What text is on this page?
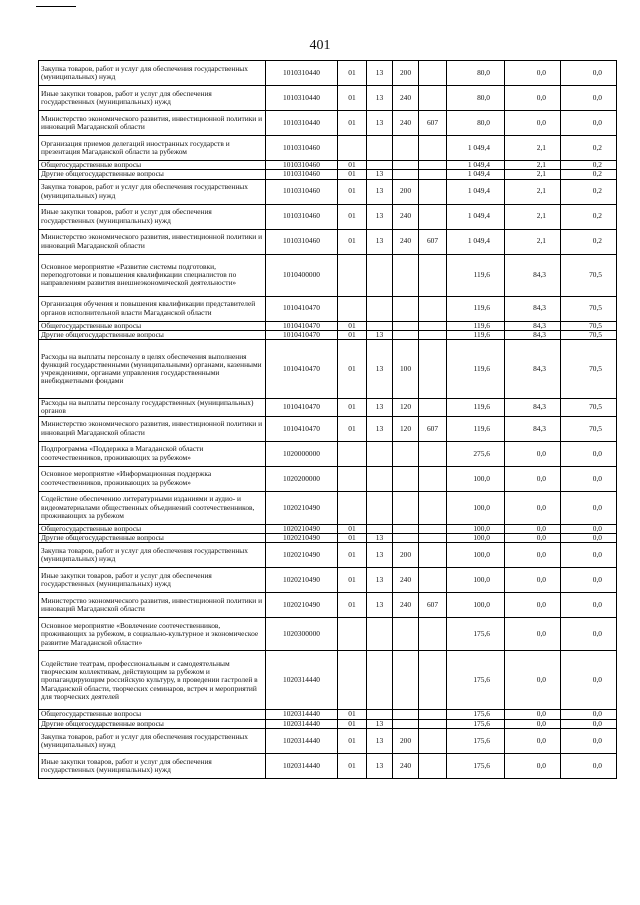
401
Закупка товаров, работ и услуг для обеспечения государственных (муниципальных) нужд	1010310440	01	13	200		80,0	0,0	0,0
Иные закупки товаров, работ и услуг для обеспечения государственных (муниципальных) нужд	1010310440	01	13	240		80,0	0,0	0,0
Министерство экономического развития, инвестиционной политики и инноваций Магаданской области	1010310440	01	13	240	607	80,0	0,0	0,0
Организация приемов делегаций иностранных государств и презентация Магаданской области за рубежом	1010310460					1 049,4	2,1	0,2
Общегосударственные вопросы	1010310460	01				1 049,4	2,1	0,2
Другие общегосударственные вопросы	1010310460	01	13			1 049,4	2,1	0,2
Закупка товаров, работ и услуг для обеспечения государственных (муниципальных) нужд	1010310460	01	13	200		1 049,4	2,1	0,2
Иные закупки товаров, работ и услуг для обеспечения государственных (муниципальных) нужд	1010310460	01	13	240		1 049,4	2,1	0,2
Министерство экономического развития, инвестиционной политики и инноваций Магаданской области	1010310460	01	13	240	607	1 049,4	2,1	0,2
Основное мероприятие «Развитие системы подготовки, переподготовки и повышения квалификации специалистов по направлениям развития внешнеэкономической деятельности»	1010400000					119,6	84,3	70,5
Организация обучения и повышения квалификации представителей органов исполнительной власти Магаданской области	1010410470					119,6	84,3	70,5
Общегосударственные вопросы	1010410470	01				119,6	84,3	70,5
Другие общегосударственные вопросы	1010410470	01	13			119,6	84,3	70,5
Расходы на выплаты персоналу в целях обеспечения выполнения функций государственными (муниципальными) органами, казенными учреждениями, органами управления государственными внебюджетными фондами	1010410470	01	13	100		119,6	84,3	70,5
Расходы на выплаты персоналу государственных (муниципальных) органов	1010410470	01	13	120		119,6	84,3	70,5
Министерство экономического развития, инвестиционной политики и инноваций Магаданской области	1010410470	01	13	120	607	119,6	84,3	70,5
Подпрограмма «Поддержка в Магаданской области соотечественников, проживающих за рубежом»	1020000000					275,6	0,0	0,0
Основное мероприятие «Информационная поддержка соотечественников, проживающих за рубежом»	1020200000					100,0	0,0	0,0
Содействие обеспечению литературными изданиями и аудио- и видеоматериалами общественных объединений соотечественников, проживающих за рубежом	1020210490					100,0	0,0	0,0
Общегосударственные вопросы	1020210490	01				100,0	0,0	0,0
Другие общегосударственные вопросы	1020210490	01	13			100,0	0,0	0,0
Закупка товаров, работ и услуг для обеспечения государственных (муниципальных) нужд	1020210490	01	13	200		100,0	0,0	0,0
Иные закупки товаров, работ и услуг для обеспечения государственных (муниципальных) нужд	1020210490	01	13	240		100,0	0,0	0,0
Министерство экономического развития, инвестиционной политики и инноваций Магаданской области	1020210490	01	13	240	607	100,0	0,0	0,0
Основное мероприятие «Вовлечение соотечественников, проживающих за рубежом, в социально-культурное и экономическое развитие Магаданской области»	1020300000					175,6	0,0	0,0
Содействие театрам, профессиональным и самодеятельным творческим коллективам, действующим за рубежом и пропагандирующим российскую культуру, в проведении гастролей в Магаданской области, творческих семинаров, встреч и мероприятий для творческих деятелей	1020314440					175,6	0,0	0,0
Общегосударственные вопросы	1020314440	01				175,6	0,0	0,0
Другие общегосударственные вопросы	1020314440	01	13			175,6	0,0	0,0
Закупка товаров, работ и услуг для обеспечения государственных (муниципальных) нужд	1020314440	01	13	200		175,6	0,0	0,0
Иные закупки товаров, работ и услуг для обеспечения государственных (муниципальных) нужд	1020314440	01	13	240		175,6	0,0	0,0
